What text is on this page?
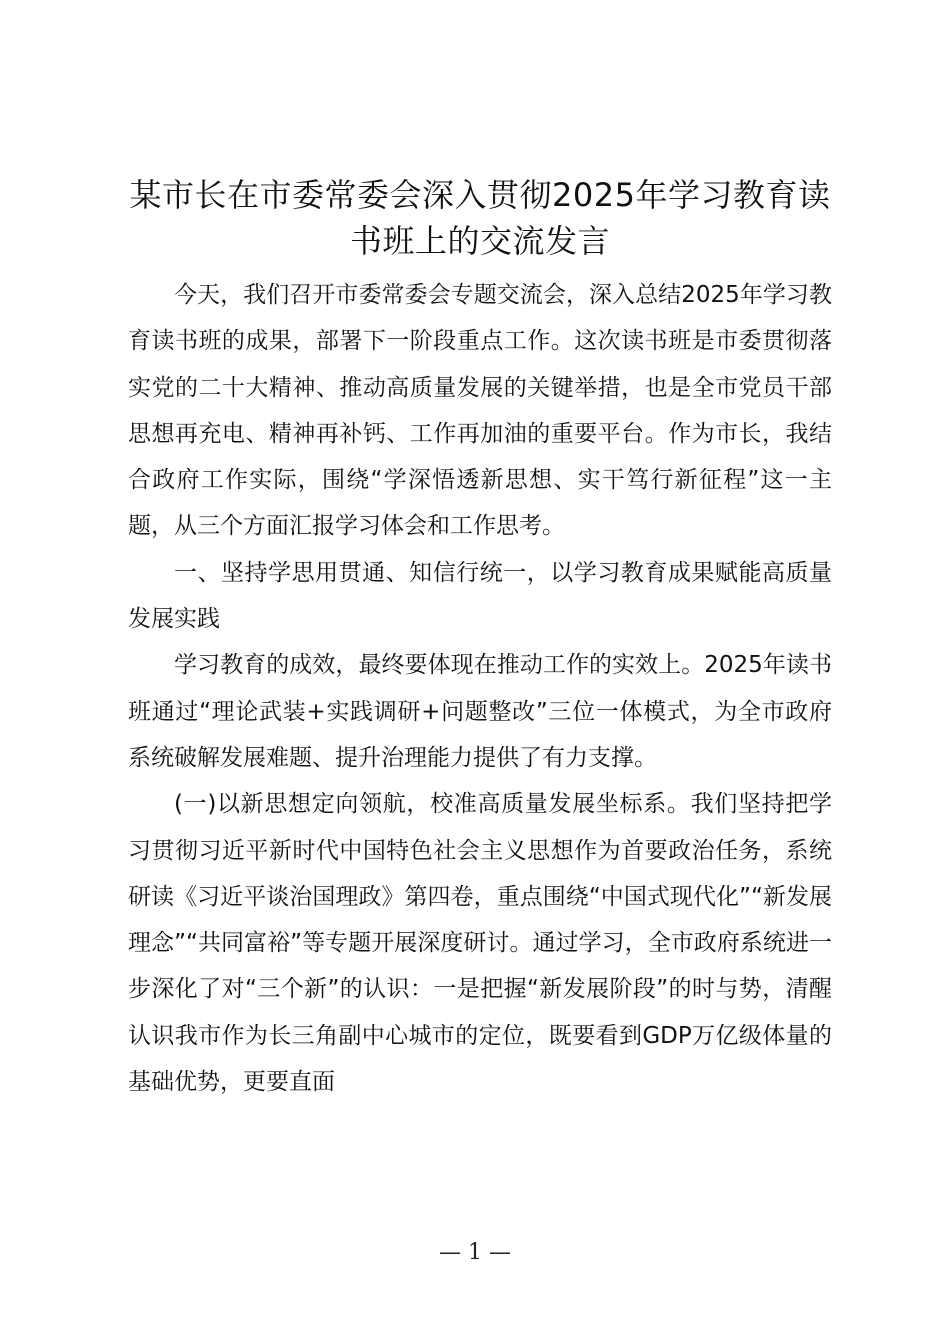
某市长在市委常委会深入贯彻2025年学习教育读书班上的交流发言

今天，我们召开市委常委会专题交流会，深入总结2025年学习教育读书班的成果，部署下一阶段重点工作。这次读书班是市委贯彻落实党的二十大精神、推动高质量发展的关键举措，也是全市党员干部思想再充电、精神再补钙、工作再加油的重要平台。作为市长，我结合政府工作实际，围绕“学深悟透新思想、实干笃行新征程”这一主题，从三个方面汇报学习体会和工作思考。

一、坚持学思用贯通、知信行统一，以学习教育成果赋能高质量发展实践

学习教育的成效，最终要体现在推动工作的实效上。2025年读书班通过“理论武装+实践调研+问题整改”三位一体模式，为全市政府系统破解发展难题、提升治理能力提供了有力支撑。

(一)以新思想定向领航，校准高质量发展坐标系。我们坚持把学习贯彻习近平新时代中国特色社会主义思想作为首要政治任务，系统研读《习近平谈治国理政》第四卷，重点围绕“中国式现代化”“新发展理念”“共同富裕”等专题开展深度研讨。通过学习，全市政府系统进一步深化了对“三个新”的认识：一是把握“新发展阶段”的时与势，清醒认识我市作为长三角副中心城市的定位，既要看到GDP万亿级体量的基础优势，更要直面

— 1 —
